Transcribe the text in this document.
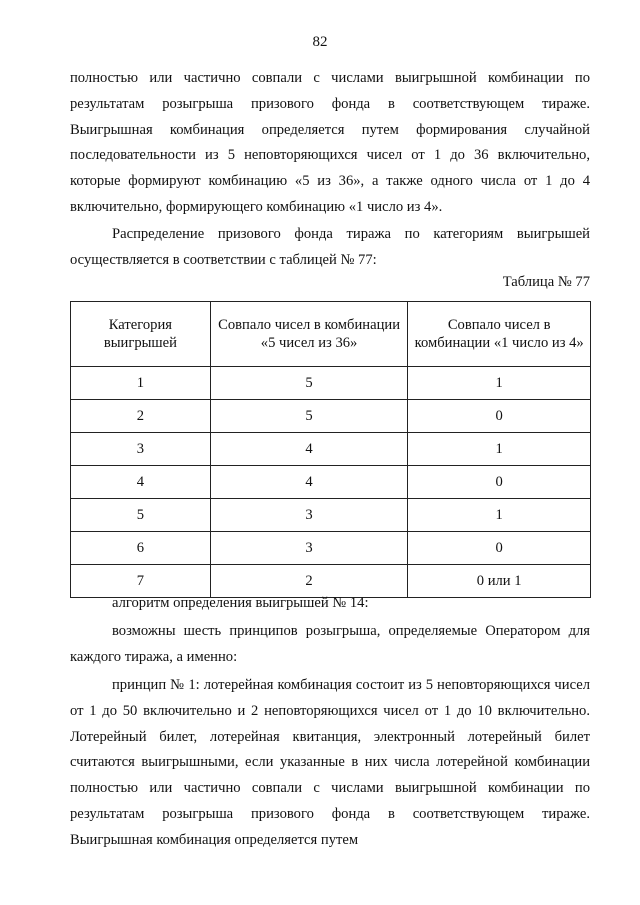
82

полностью или частично совпали с числами выигрышной комбинации по результатам розыгрыша призового фонда в соответствующем тираже. Выигрышная комбинация определяется путем формирования случайной последовательности из 5 неповторяющихся чисел от 1 до 36 включительно, которые формируют комбинацию «5 из 36», а также одного числа от 1 до 4 включительно, формирующего комбинацию «1 число из 4».

Распределение призового фонда тиража по категориям выигрышей осуществляется в соответствии с таблицей № 77:

Таблица № 77
Категория выигрышей	Совпало чисел в комбинации «5 чисел из 36»	Совпало чисел в комбинации «1 число из 4»
1	5	1
2	5	0
3	4	1
4	4	0
5	3	1
6	3	0
7	2	0 или 1

алгоритм определения выигрышей № 14:

возможны шесть принципов розыгрыша, определяемые Оператором для каждого тиража, а именно:

принцип № 1: лотерейная комбинация состоит из 5 неповторяющихся чисел от 1 до 50 включительно и 2 неповторяющихся чисел от 1 до 10 включительно. Лотерейный билет, лотерейная квитанция, электронный лотерейный билет считаются выигрышными, если указанные в них числа лотерейной комбинации полностью или частично совпали с числами выигрышной комбинации по результатам розыгрыша призового фонда в соответствующем тираже. Выигрышная комбинация определяется путем
